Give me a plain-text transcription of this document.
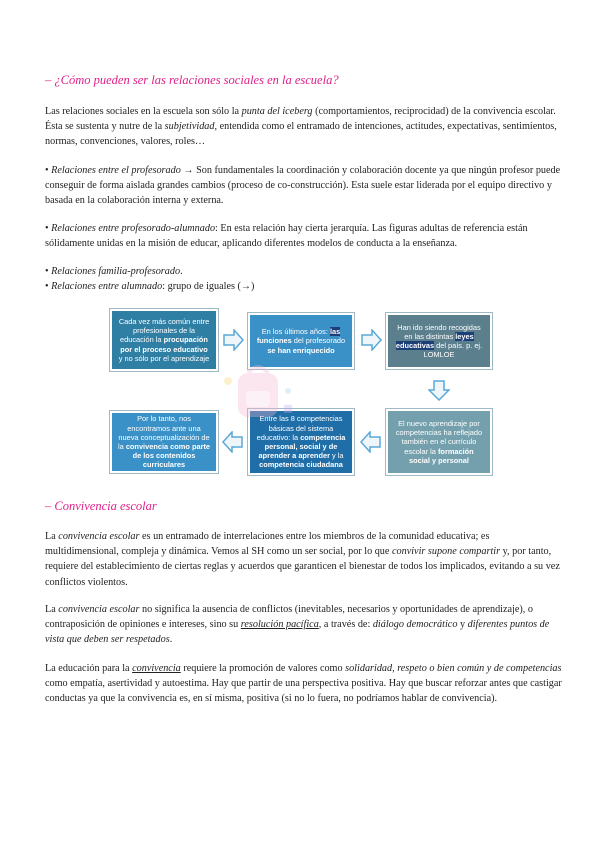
– ¿Cómo pueden ser las relaciones sociales en la escuela?
Las relaciones sociales en la escuela son sólo la punta del iceberg (comportamientos, reciprocidad) de la convivencia escolar. Ésta se sustenta y nutre de la subjetividad, entendida como el entramado de intenciones, actitudes, expectativas, sentimientos, normas, convenciones, valores, roles…
• Relaciones entre el profesorado → Son fundamentales la coordinación y colaboración docente ya que ningún profesor puede conseguir de forma aislada grandes cambios (proceso de co-construcción). Esta suele estar liderada por el equipo directivo y basada en la colaboración interna y externa.
• Relaciones entre profesorado-alumnado: En esta relación hay cierta jerarquía. Las figuras adultas de referencia están sólidamente unidas en la misión de educar, aplicando diferentes modelos de conducta a la enseñanza.
• Relaciones familia-profesorado.
• Relaciones entre alumnado: grupo de iguales (→)
Cada vez más común entre profesionales de la educación la procupación por el proceso educativo y no sólo por el aprendizaje
En los últimos años: las funciones del profesorado se han enriquecido
Han ido siendo recogidas en las distintas leyes educativas del país. p. ej. LOMLOE
Por lo tanto, nos encontramos ante una nueva conceptualización de la convivencia como parte de los contenidos curriculares
Entre las 8 competencias básicas del sistema educativo: la competencia personal, social y de aprender a aprender y la competencia ciudadana
El nuevo aprendizaje por competencias ha reflejado también en el currículo escolar la formación social y personal
– Convivencia escolar
La convivencia escolar es un entramado de interrelaciones entre los miembros de la comunidad educativa; es multidimensional, compleja y dinámica. Vemos al SH como un ser social, por lo que convivir supone compartir y, por tanto, requiere del establecimiento de ciertas reglas y acuerdos que garanticen el bienestar de todos los implicados, evitando a su vez conflictos violentos.
La convivencia escolar no significa la ausencia de conflictos (inevitables, necesarios y oportunidades de aprendizaje), o contraposición de opiniones e intereses, sino su resolución pacífica, a través de: diálogo democrático y diferentes puntos de vista que deben ser respetados.
La educación para la convivencia requiere la promoción de valores como solidaridad, respeto o bien común y de competencias como empatía, asertividad y autoestima. Hay que partir de una perspectiva positiva. Hay que buscar reforzar antes que castigar conductas ya que la convivencia es, en sí misma, positiva (si no lo fuera, no podríamos hablar de convivencia).
